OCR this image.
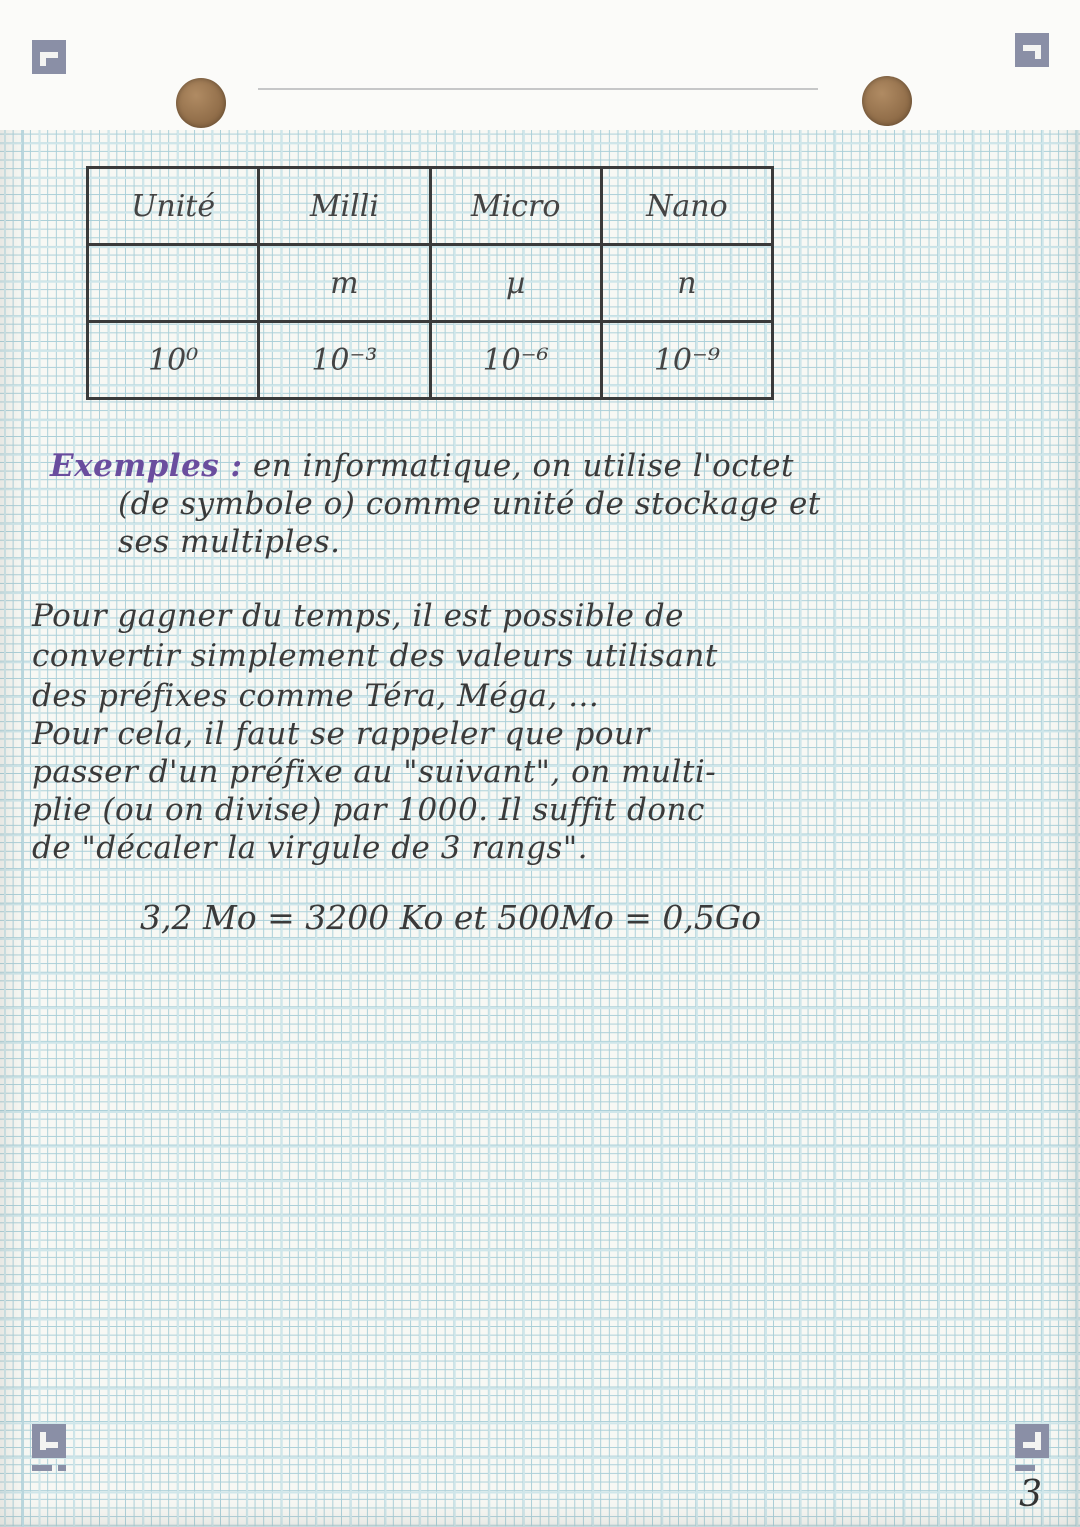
Unité	Milli	Micro	Nano
	m	µ	n
10⁰	10⁻³	10⁻⁶	10⁻⁹
Exemples : en informatique, on utilise l'octet
(de symbole o) comme unité de stockage et
ses multiples.
Pour gagner du temps, il est possible de
convertir simplement des valeurs utilisant
des préfixes comme Téra, Méga, ...
Pour cela, il faut se rappeler que pour
passer d'un préfixe au "suivant", on multi-
plie (ou on divise) par 1000. Il suffit donc
de "décaler la virgule de 3 rangs".
3,2 Mo = 3200 Ko et 500Mo = 0,5Go
3
